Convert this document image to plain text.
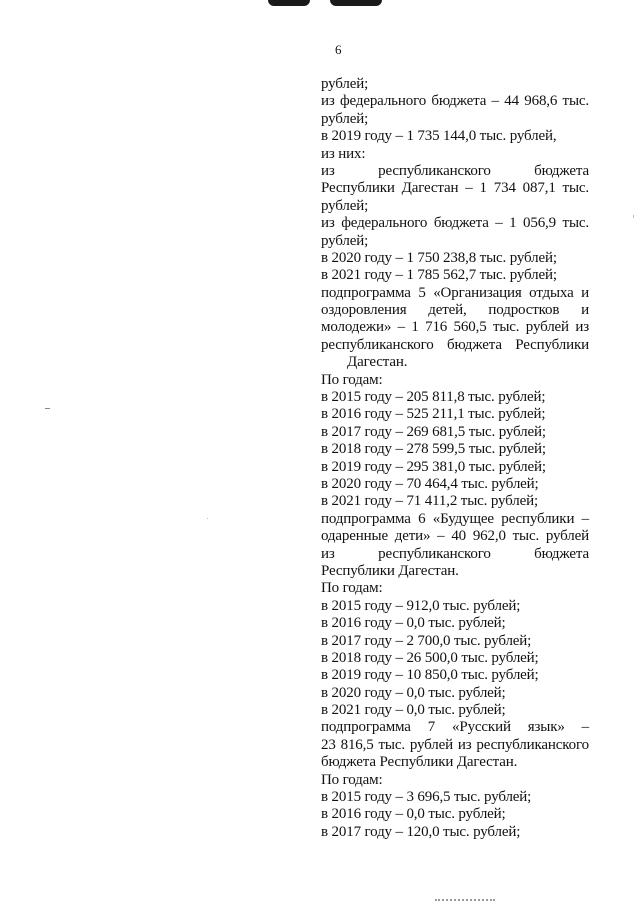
6
рублей;
из федерального бюджета – 44 968,6 тыс.
рублей;
в 2019 году – 1 735 144,0 тыс. рублей,
из них:
из республиканского бюджета
Республики Дагестан – 1 734 087,1 тыс.
рублей;
из федерального бюджета – 1 056,9 тыс.
рублей;
в 2020 году – 1 750 238,8 тыс. рублей;
в 2021 году – 1 785 562,7 тыс. рублей;
подпрограмма 5 «Организация отдыха и
оздоровления детей, подростков и
молодежи» – 1 716 560,5 тыс. рублей из
республиканского бюджета Республики
Дагестан.
По годам:
в 2015 году – 205 811,8 тыс. рублей;
в 2016 году – 525 211,1 тыс. рублей;
в 2017 году – 269 681,5 тыс. рублей;
в 2018 году – 278 599,5 тыс. рублей;
в 2019 году – 295 381,0 тыс. рублей;
в 2020 году – 70 464,4 тыс. рублей;
в 2021 году – 71 411,2 тыс. рублей;
подпрограмма 6 «Будущее республики –
одаренные дети» – 40 962,0 тыс. рублей
из республиканского бюджета
Республики Дагестан.
По годам:
в 2015 году – 912,0 тыс. рублей;
в 2016 году – 0,0 тыс. рублей;
в 2017 году – 2 700,0 тыс. рублей;
в 2018 году – 26 500,0 тыс. рублей;
в 2019 году – 10 850,0 тыс. рублей;
в 2020 году – 0,0 тыс. рублей;
в 2021 году – 0,0 тыс. рублей;
подпрограмма 7 «Русский язык» –
23 816,5 тыс. рублей из республиканского
бюджета Республики Дагестан.
По годам:
в 2015 году – 3 696,5 тыс. рублей;
в 2016 году – 0,0 тыс. рублей;
в 2017 году – 120,0 тыс. рублей;
